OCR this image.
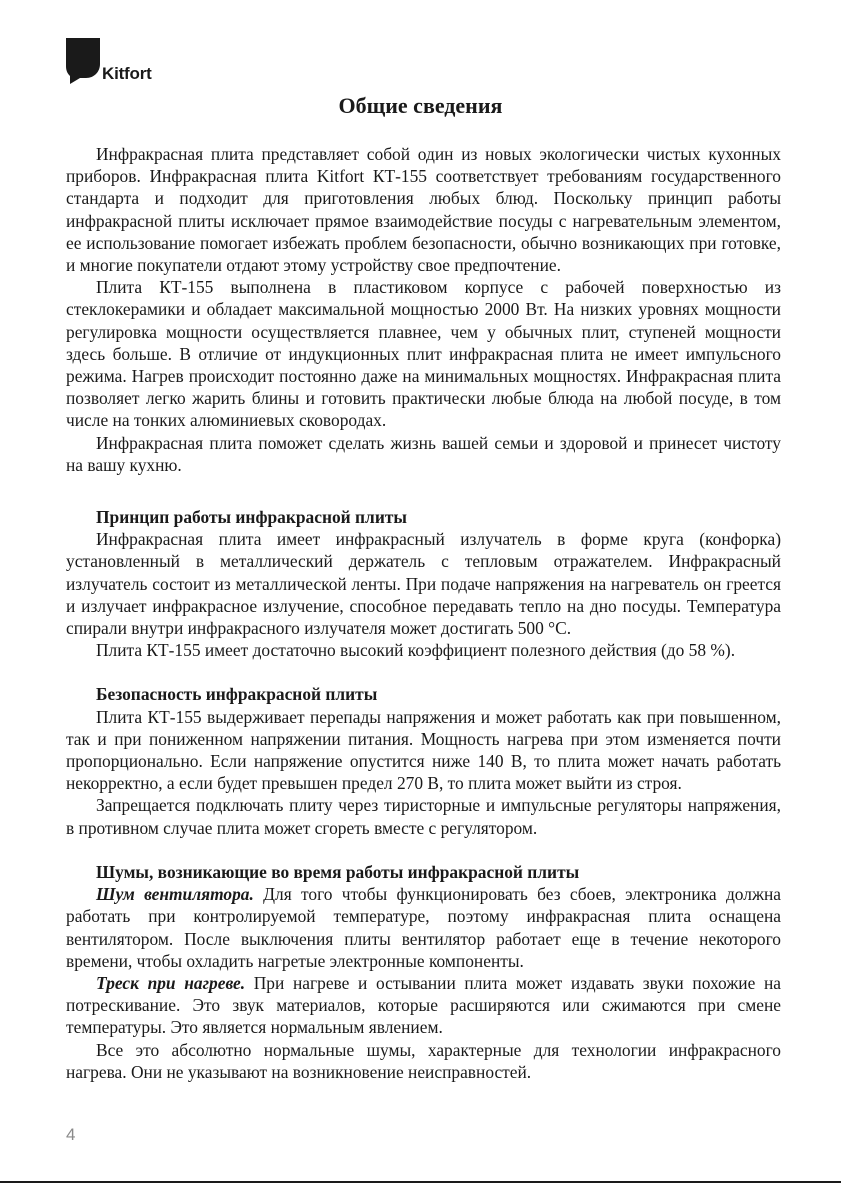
Kitfort
Общие сведения

Инфракрасная плита представляет собой один из новых экологически чистых кухонных приборов. Инфракрасная плита Kitfort КТ-155 соответствует требованиям государственного стандарта и подходит для приготовления любых блюд. Поскольку принцип работы инфракрасной плиты исключает прямое взаимодействие посуды с нагревательным элементом, ее использование помогает избежать проблем безопасности, обычно возникающих при готовке, и многие покупатели отдают этому устройству свое предпочтение.

Плита КТ-155 выполнена в пластиковом корпусе с рабочей поверхностью из стеклокерамики и обладает максимальной мощностью 2000 Вт. На низких уровнях мощности регулировка мощности осуществляется плавнее, чем у обычных плит, ступеней мощности здесь больше. В отличие от индукционных плит инфракрасная плита не имеет импульсного режима. Нагрев происходит постоянно даже на минимальных мощностях. Инфракрасная плита позволяет легко жарить блины и готовить практически любые блюда на любой посуде, в том числе на тонких алюминиевых сковородах.

Инфракрасная плита поможет сделать жизнь вашей семьи и здоровой и принесет чистоту на вашу кухню.

Принцип работы инфракрасной плиты

Инфракрасная плита имеет инфракрасный излучатель в форме круга (конфорка) установленный в металлический держатель с тепловым отражателем. Инфракрасный излучатель состоит из металлической ленты. При подаче напряжения на нагреватель он греется и излучает инфракрасное излучение, способное передавать тепло на дно посуды. Температура спирали внутри инфракрасного излучателя может достигать 500 °С.

Плита КТ-155 имеет достаточно высокий коэффициент полезного действия (до 58 %).

Безопасность инфракрасной плиты

Плита КТ-155 выдерживает перепады напряжения и может работать как при повышенном, так и при пониженном напряжении питания. Мощность нагрева при этом изменяется почти пропорционально. Если напряжение опустится ниже 140 В, то плита может начать работать некорректно, а если будет превышен предел 270 В, то плита может выйти из строя.

Запрещается подключать плиту через тиристорные и импульсные регуляторы напряжения, в противном случае плита может сгореть вместе с регулятором.

Шумы, возникающие во время работы инфракрасной плиты

Шум вентилятора. Для того чтобы функционировать без сбоев, электроника должна работать при контролируемой температуре, поэтому инфракрасная плита оснащена вентилятором. После выключения плиты вентилятор работает еще в течение некоторого времени, чтобы охладить нагретые электронные компоненты.

Треск при нагреве. При нагреве и остывании плита может издавать звуки похожие на потрескивание. Это звук материалов, которые расширяются или сжимаются при смене температуры. Это является нормальным явлением.

Все это абсолютно нормальные шумы, характерные для технологии инфракрасного нагрева. Они не указывают на возникновение неисправностей.

4
